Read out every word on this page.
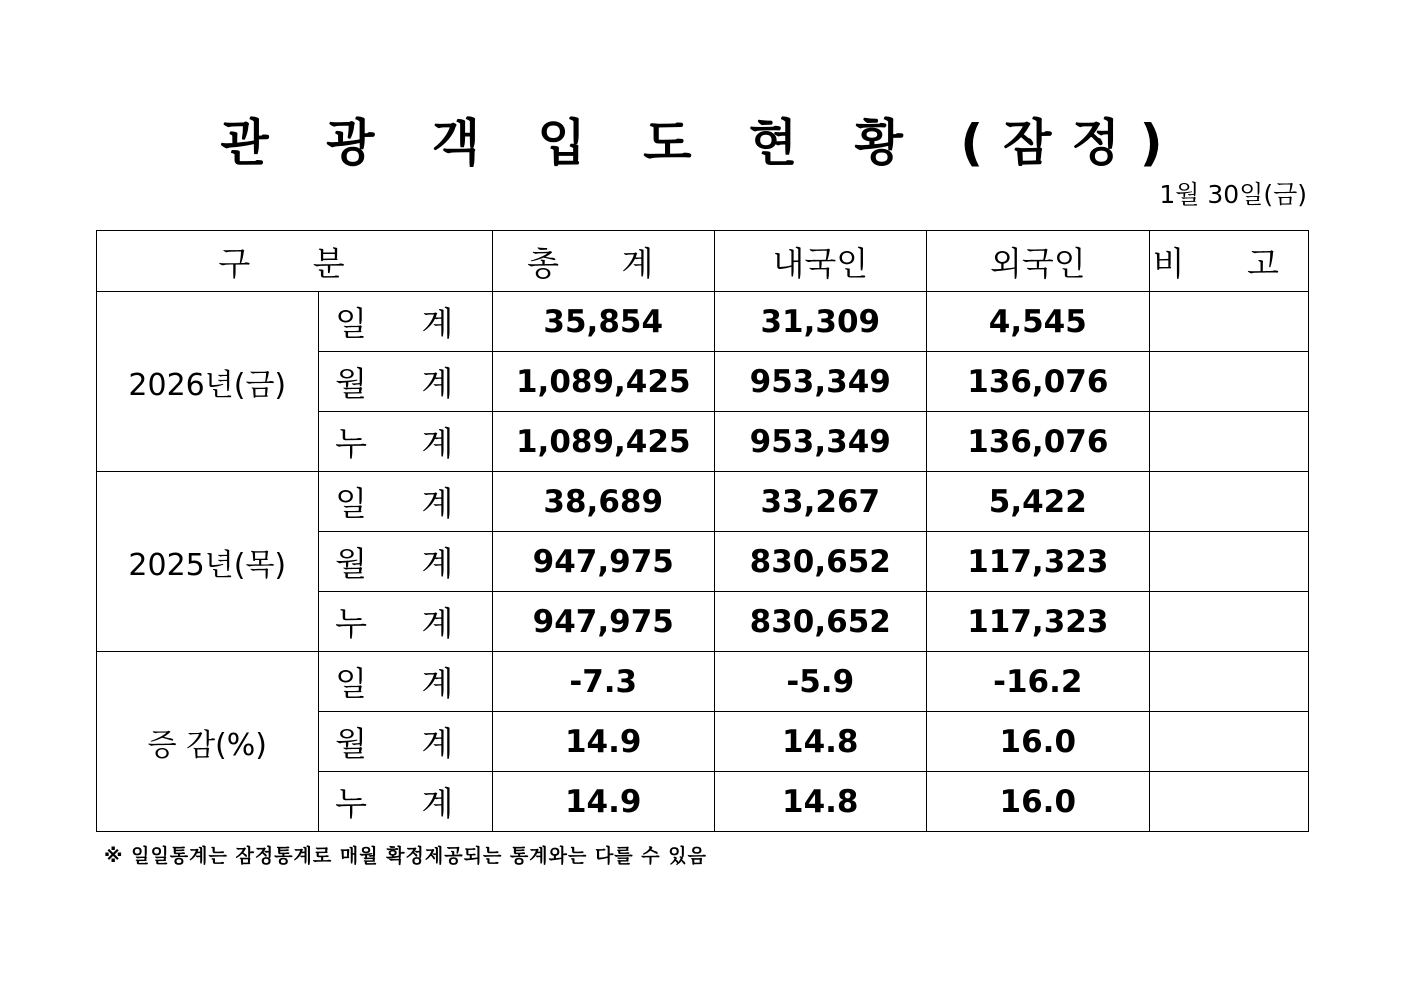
관 광 객 입 도 현 황 (잠정)
1월 30일(금)
구 분		총 계	내국인	외국인	비 고
2026년(금)	일 계	35,854	31,309	4,545	
	월 계	1,089,425	953,349	136,076	
	누 계	1,089,425	953,349	136,076	
2025년(목)	일 계	38,689	33,267	5,422	
	월 계	947,975	830,652	117,323	
	누 계	947,975	830,652	117,323	
증 감(%)	일 계	-7.3	-5.9	-16.2	
	월 계	14.9	14.8	16.0	
	누 계	14.9	14.8	16.0	
※ 일일통계는 잠정통계로 매월 확정제공되는 통계와는 다를 수 있음
